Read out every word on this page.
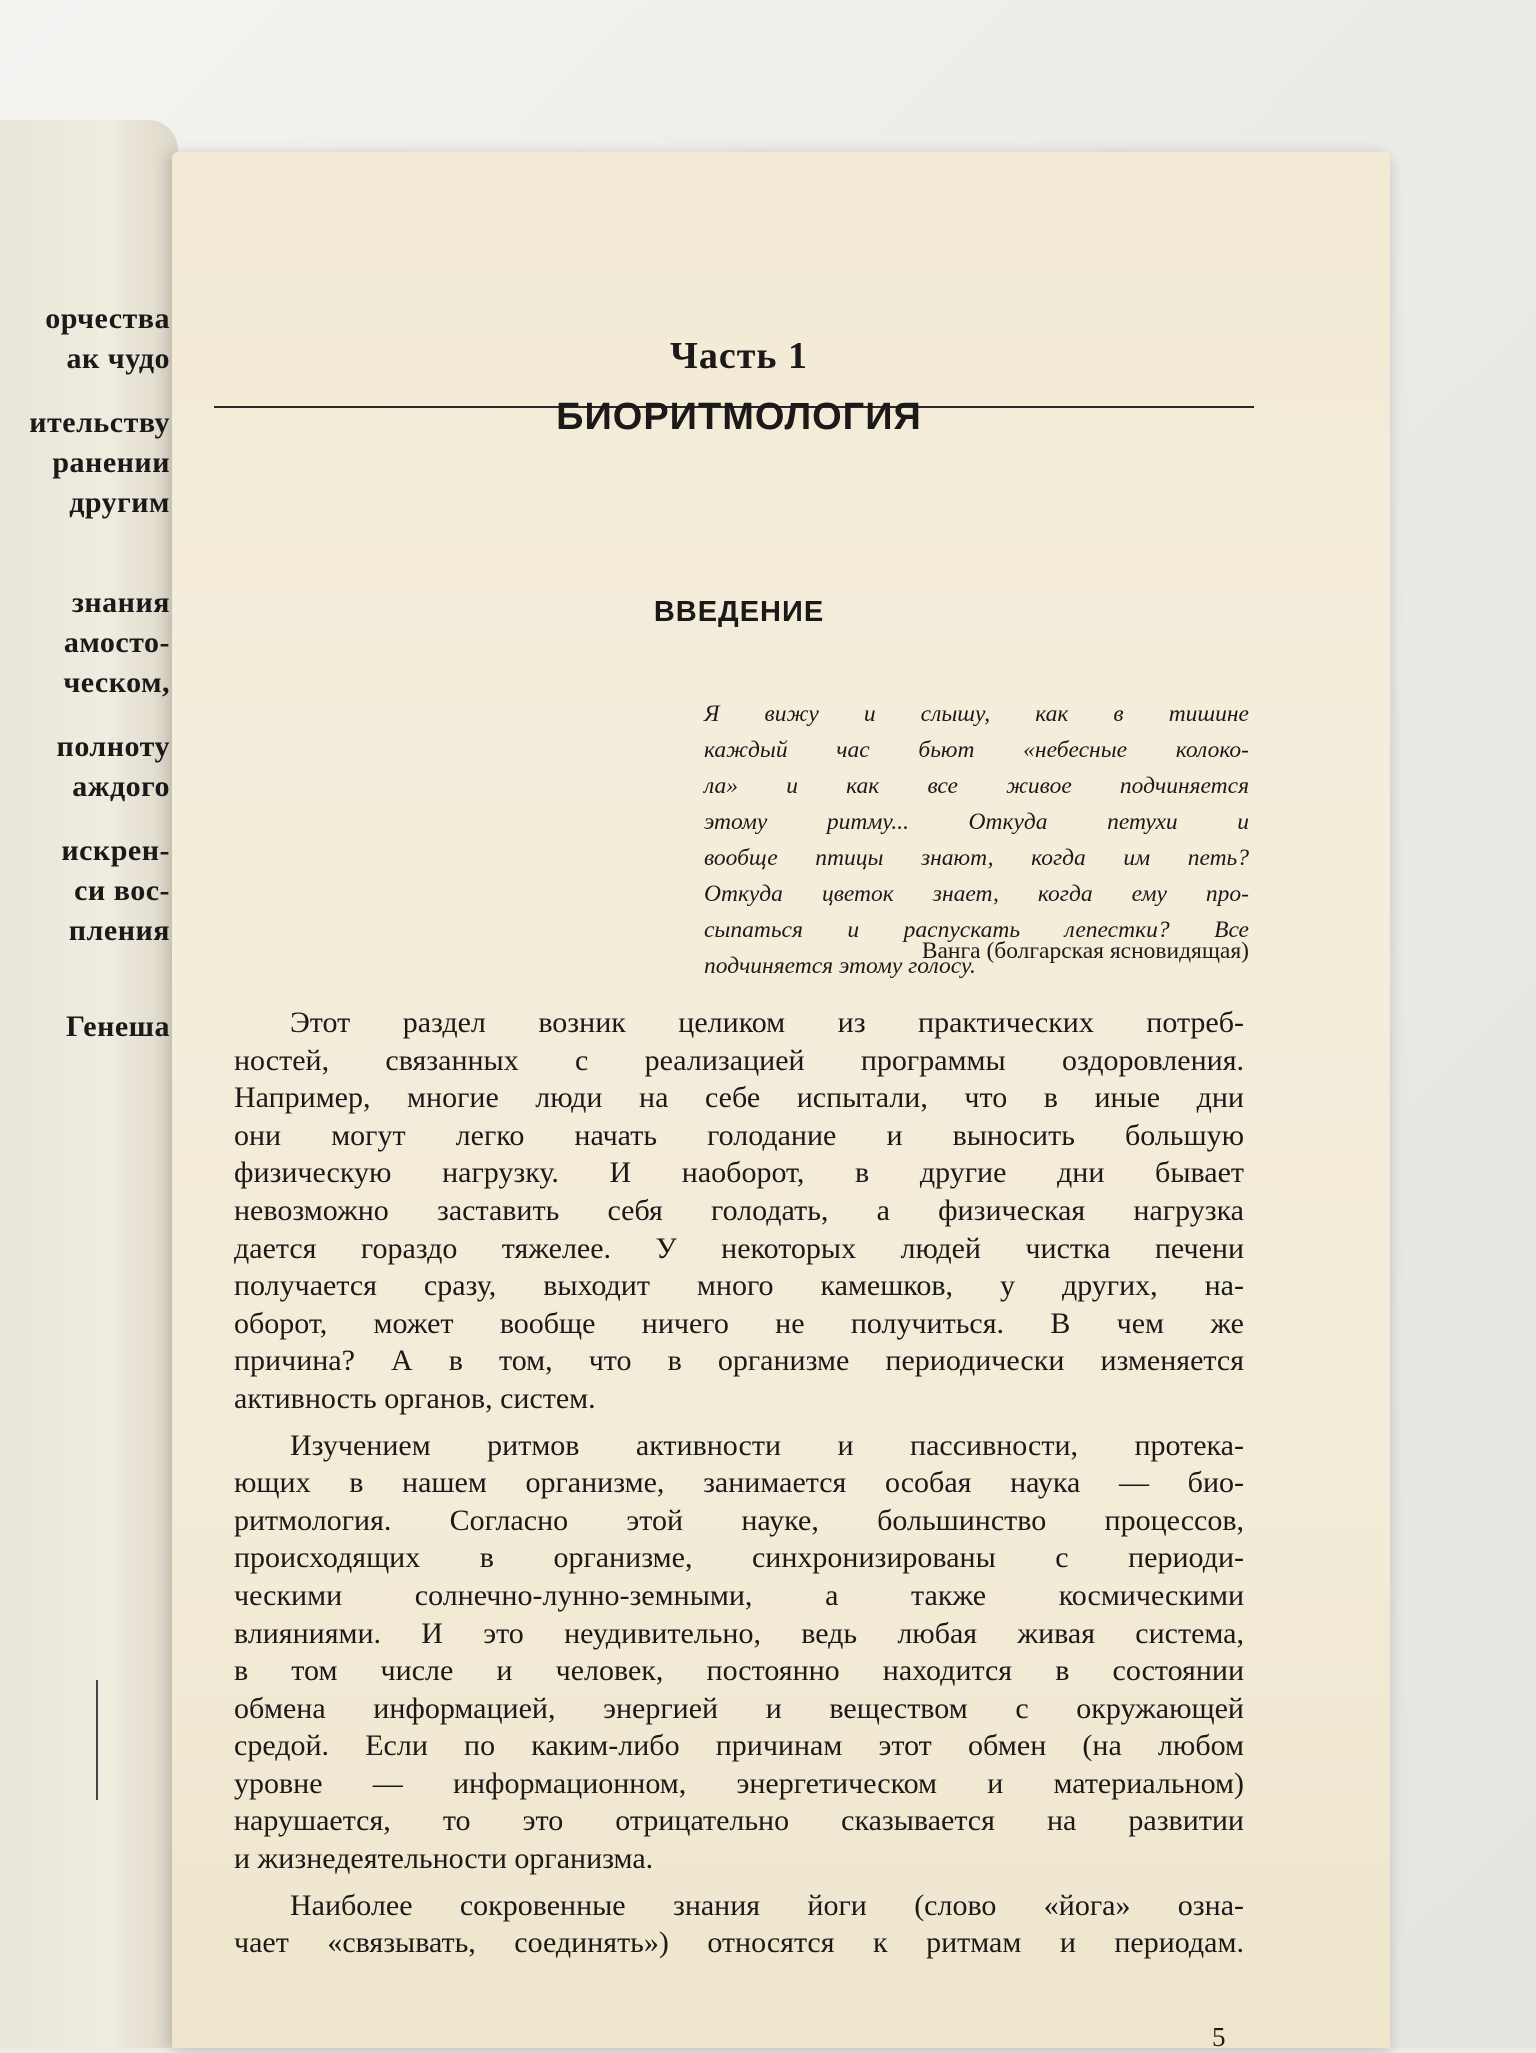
орчества
ак чудо
ительству
ранении
другим
знания
амосто-
ческом,
полноту
аждого
искрен-
си вос-
пления
Генеша
Часть 1
БИОРИТМОЛОГИЯ
ВВЕДЕНИЕ
Я вижу и слышу, как в тишине
каждый час бьют «небесные колоко-
ла» и как все живое подчиняется
этому ритму... Откуда петухи и
вообще птицы знают, когда им петь?
Откуда цветок знает, когда ему про-
сыпаться и распускать лепестки? Все
подчиняется этому голосу.
Ванга (болгарская ясновидящая)
Этот раздел возник целиком из практических потреб-
ностей, связанных с реализацией программы оздоровления.
Например, многие люди на себе испытали, что в иные дни
они могут легко начать голодание и выносить большую
физическую нагрузку. И наоборот, в другие дни бывает
невозможно заставить себя голодать, а физическая нагрузка
дается гораздо тяжелее. У некоторых людей чистка печени
получается сразу, выходит много камешков, у других, на-
оборот, может вообще ничего не получиться. В чем же
причина? А в том, что в организме периодически изменяется
активность органов, систем.
Изучением ритмов активности и пассивности, протека-
ющих в нашем организме, занимается особая наука — био-
ритмология. Согласно этой науке, большинство процессов,
происходящих в организме, синхронизированы с периоди-
ческими солнечно-лунно-земными, а также космическими
влияниями. И это неудивительно, ведь любая живая система,
в том числе и человек, постоянно находится в состоянии
обмена информацией, энергией и веществом с окружающей
средой. Если по каким-либо причинам этот обмен (на любом
уровне — информационном, энергетическом и материальном)
нарушается, то это отрицательно сказывается на развитии
и жизнедеятельности организма.
Наиболее сокровенные знания йоги (слово «йога» озна-
чает «связывать, соединять») относятся к ритмам и периодам.
5
